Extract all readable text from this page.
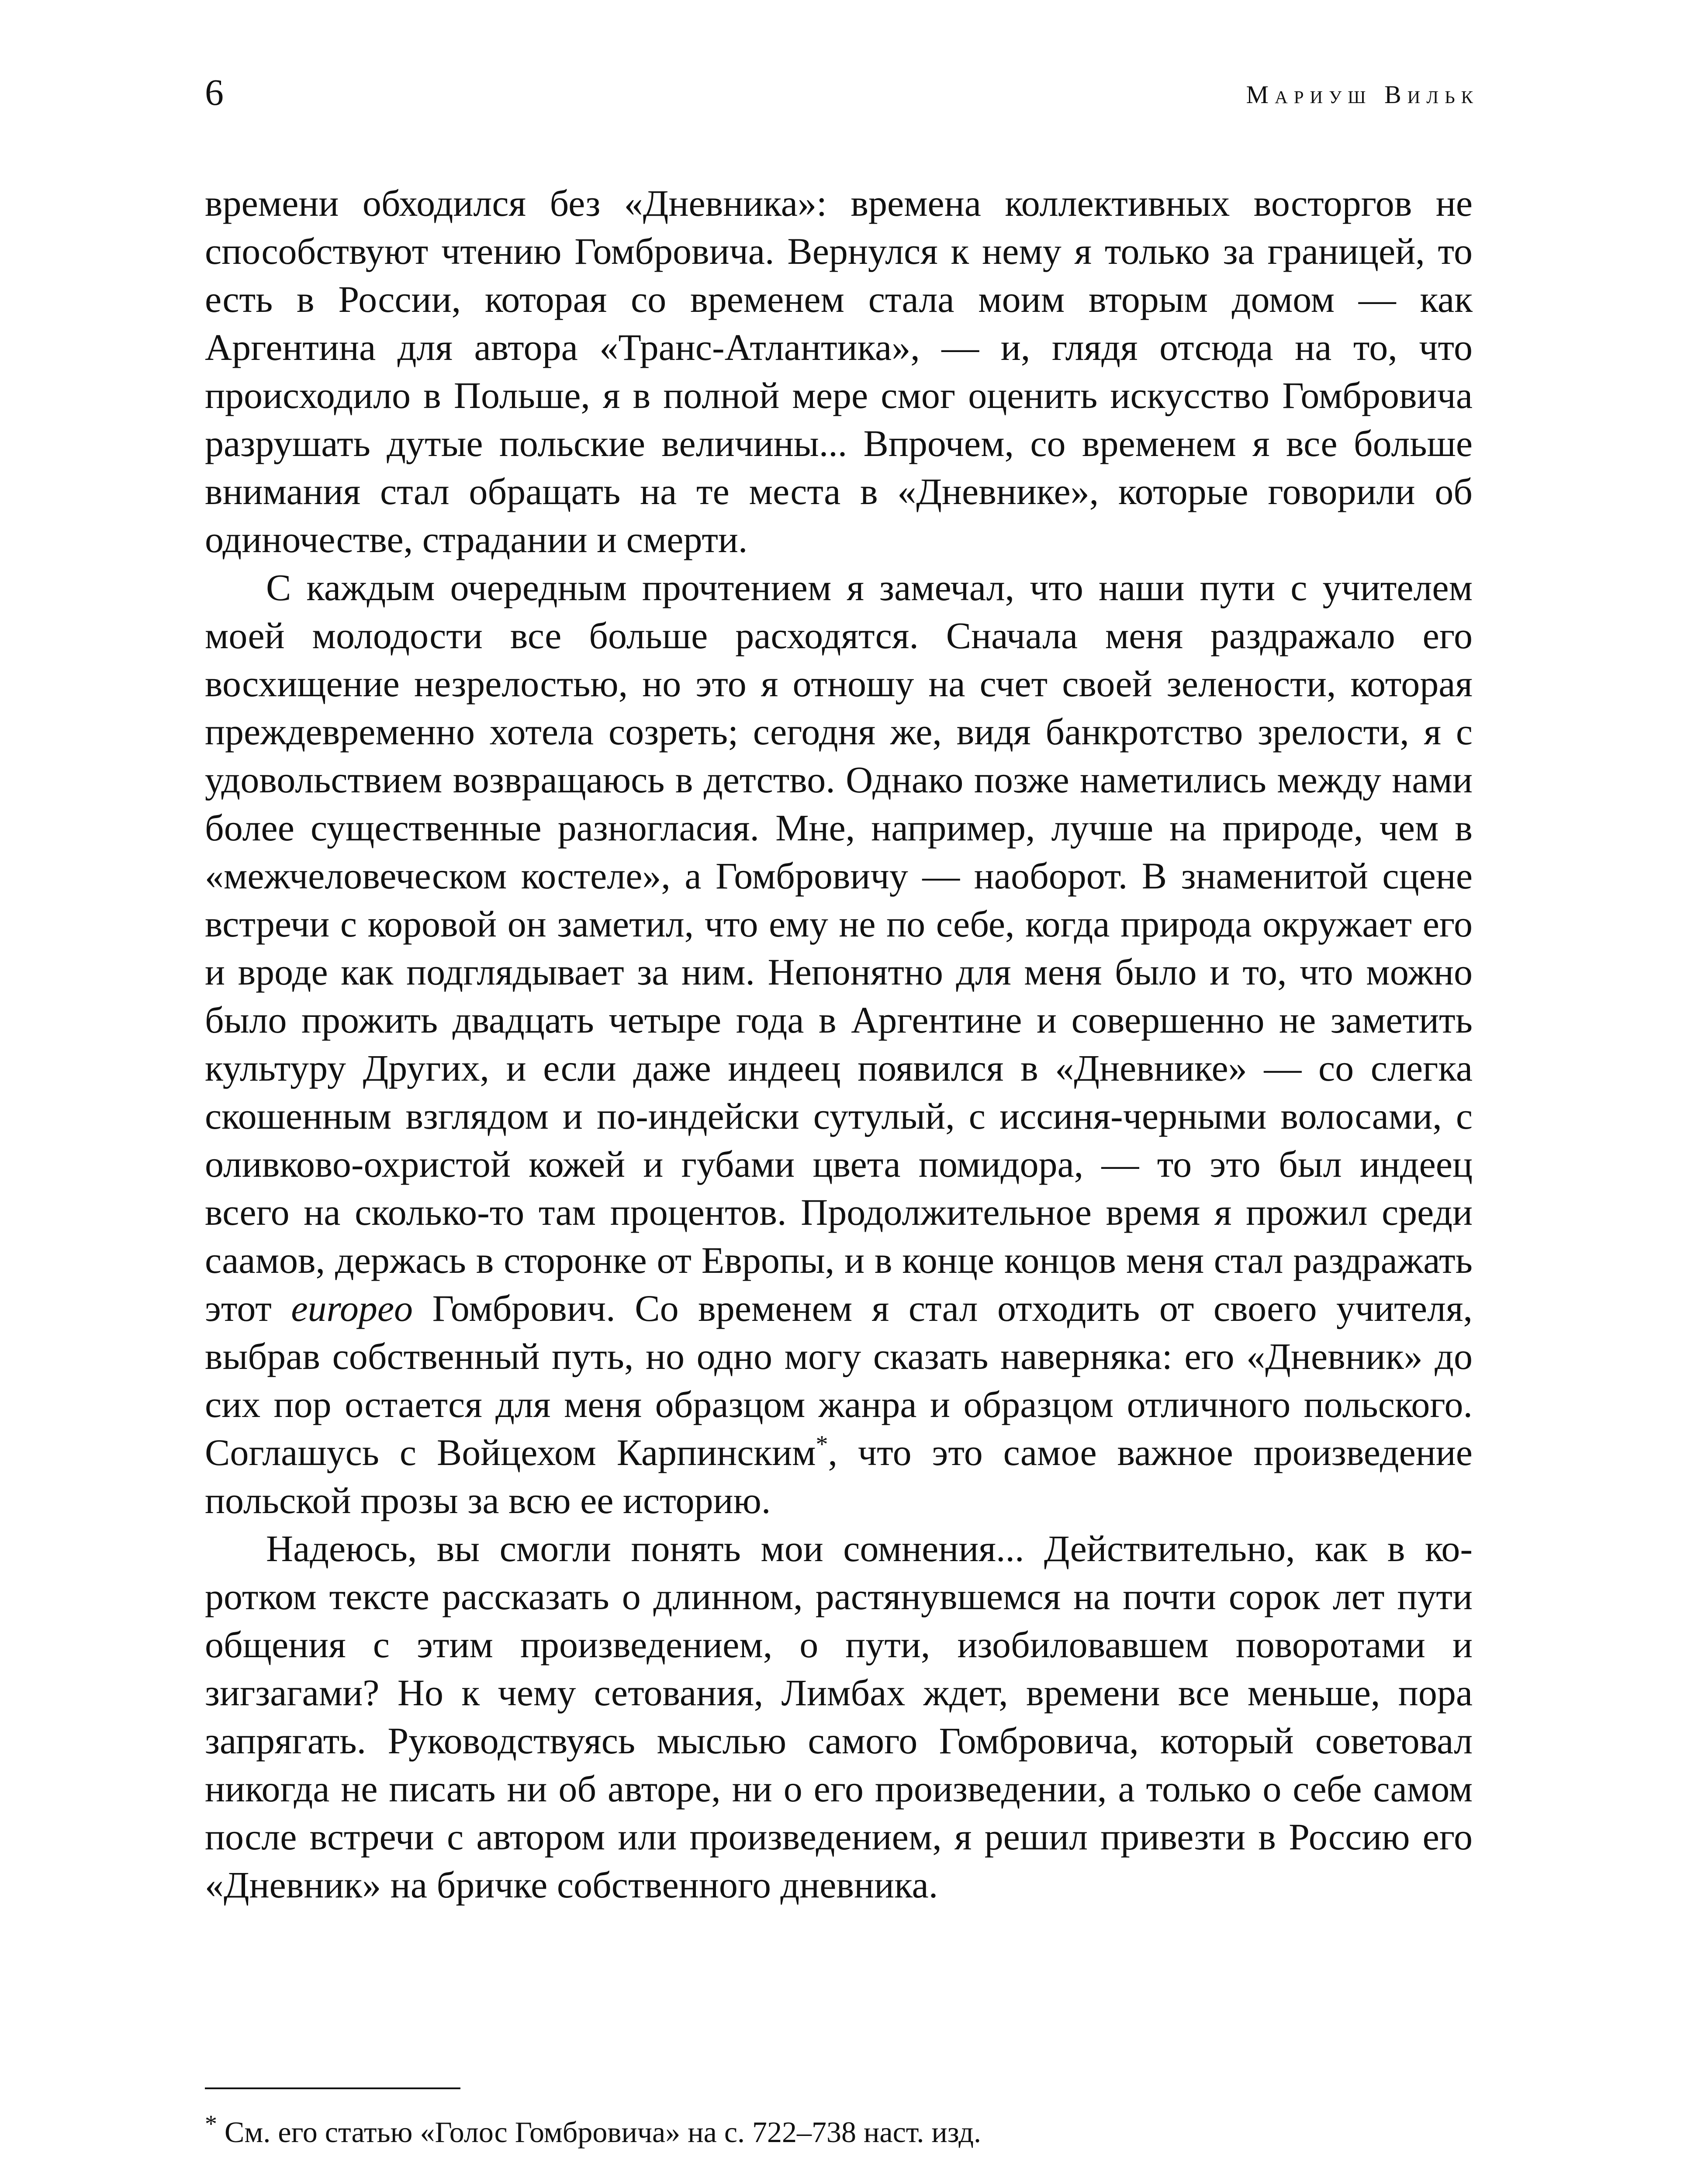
6	Мариуш Вильк

времени обходился без «Дневника»: времена коллективных восторгов не способствуют чтению Гомбровича. Вернулся к нему я только за границей, то есть в России, которая со временем стала моим вторым домом — как Аргентина для автора «Транс-Атлантика», — и, глядя отсюда на то, что происходило в Польше, я в полной мере смог оценить искусство Гомбровича разрушать дутые польские величины... Впрочем, со временем я все больше внимания стал обращать на те места в «Дневнике», которые говорили об одиночестве, страдании и смерти.

С каждым очередным прочтением я замечал, что наши пути с учителем моей молодости все больше расходятся. Сначала меня раздражало его восхищение незрелостью, но это я отношу на счет своей зелености, которая преждевременно хотела созреть; сегодня же, видя банкротство зрелости, я с удовольствием возвращаюсь в детство. Однако позже наметились между нами более существенные разногласия. Мне, например, лучше на природе, чем в «межчеловеческом костеле», а Гомбровичу — наоборот. В знаменитой сцене встречи с коровой он заметил, что ему не по себе, когда природа окружает его и вроде как подглядывает за ним. Непонятно для меня было и то, что можно было прожить двадцать четыре года в Аргентине и совершенно не заметить культуру Других, и если даже индеец появился в «Дневнике» — со слегка скошенным взглядом и по-индейски сутулый, с иссиня-черными волосами, с оливково-охристой кожей и губами цвета помидора, — то это был индеец всего на сколько-то там процентов. Продолжительное время я прожил среди саамов, держась в сторонке от Европы, и в конце концов меня стал раздражать этот europeo Гомбрович. Со временем я стал отходить от своего учителя, выбрав собственный путь, но одно могу сказать наверняка: его «Дневник» до сих пор остается для меня образцом жанра и образцом отличного польского. Соглашусь с Войцехом Карпинским*, что это самое важное произведение польской прозы за всю ее историю.

Надеюсь, вы смогли понять мои сомнения... Действительно, как в коротком тексте рассказать о длинном, растянувшемся на почти сорок лет пути общения с этим произведением, о пути, изобиловавшем поворотами и зигзагами? Но к чему сетования, Лимбах ждет, времени все меньше, пора запрягать. Руководствуясь мыслью самого Гомбровича, который советовал никогда не писать ни об авторе, ни о его произведении, а только о себе самом после встречи с автором или произведением, я решил привезти в Россию его «Дневник» на бричке собственного дневника.

* См. его статью «Голос Гомбровича» на с. 722–738 наст. изд.
